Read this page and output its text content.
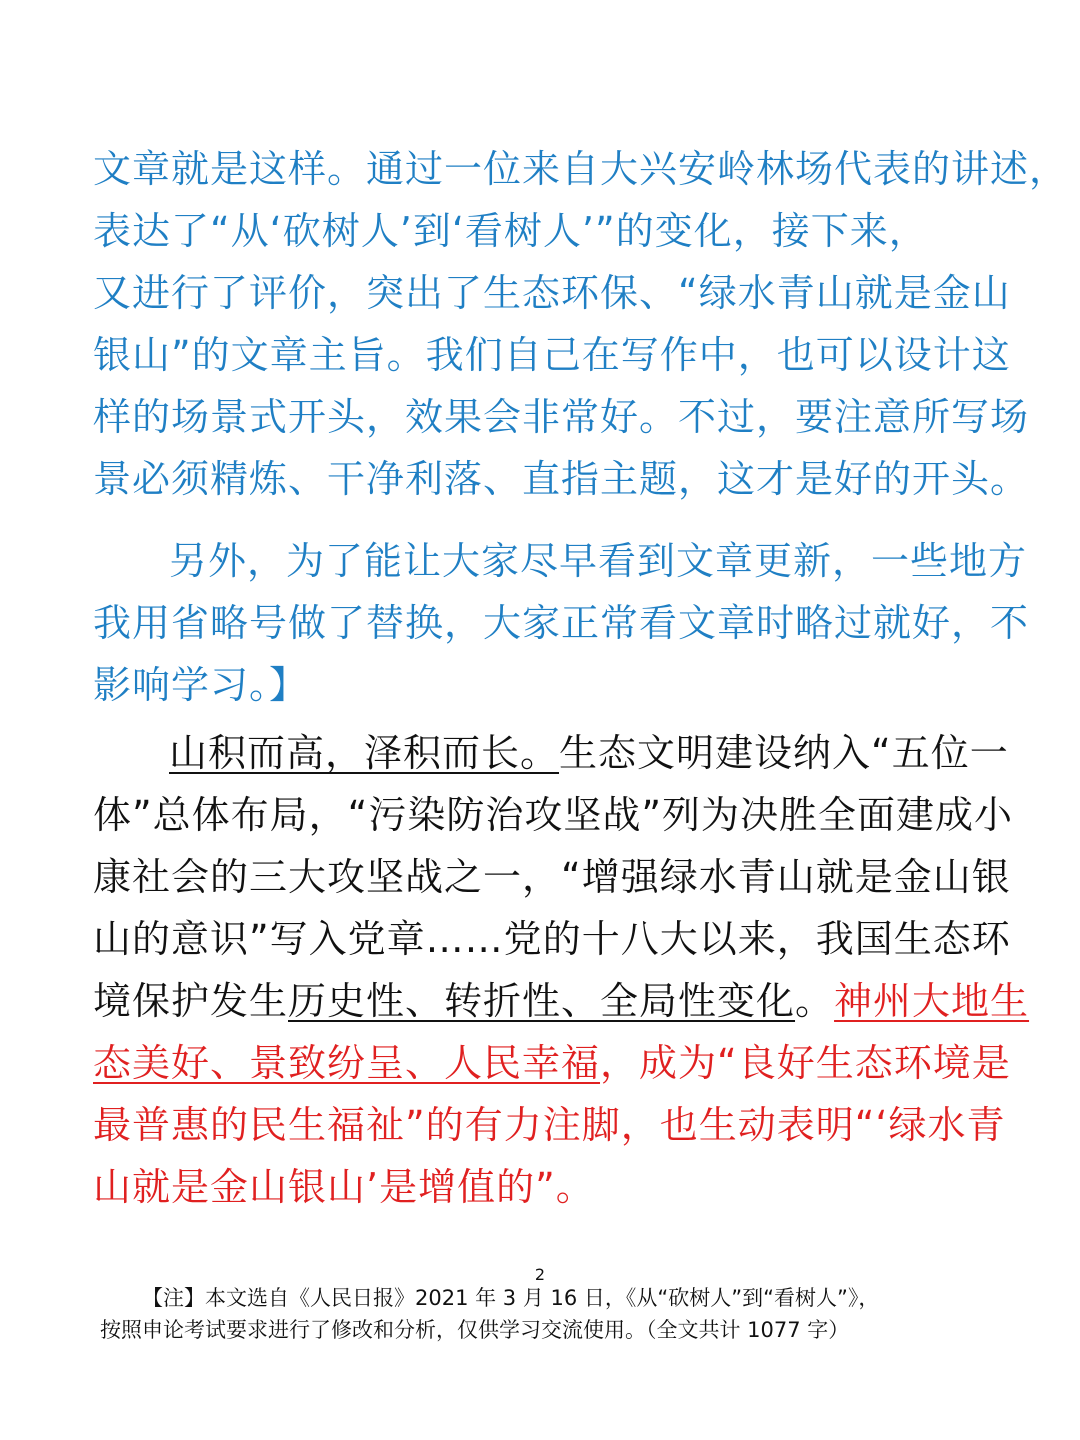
文章就是这样。通过一位来自大兴安岭林场代表的讲述，
表达了“从‘砍树人’到‘看树人’”的变化，接下来，
又进行了评价，突出了生态环保、“绿水青山就是金山
银山”的文章主旨。我们自己在写作中，也可以设计这
样的场景式开头，效果会非常好。不过，要注意所写场
景必须精炼、干净利落、直指主题，这才是好的开头。
另外，为了能让大家尽早看到文章更新，一些地方
我用省略号做了替换，大家正常看文章时略过就好，不
影响学习。】
山积而高，泽积而长。生态文明建设纳入“五位一
体”总体布局，“污染防治攻坚战”列为决胜全面建成小
康社会的三大攻坚战之一，“增强绿水青山就是金山银
山的意识”写入党章……党的十八大以来，我国生态环
境保护发生历史性、转折性、全局性变化。神州大地生
态美好、景致纷呈、人民幸福，成为“良好生态环境是
最普惠的民生福祉”的有力注脚，也生动表明“‘绿水青
山就是金山银山’是增值的”。
2
【注】本文选自《人民日报》2021 年 3 月 16 日，《从“砍树人”到“看树人”》，
按照申论考试要求进行了修改和分析，仅供学习交流使用。（全文共计 1077 字）
